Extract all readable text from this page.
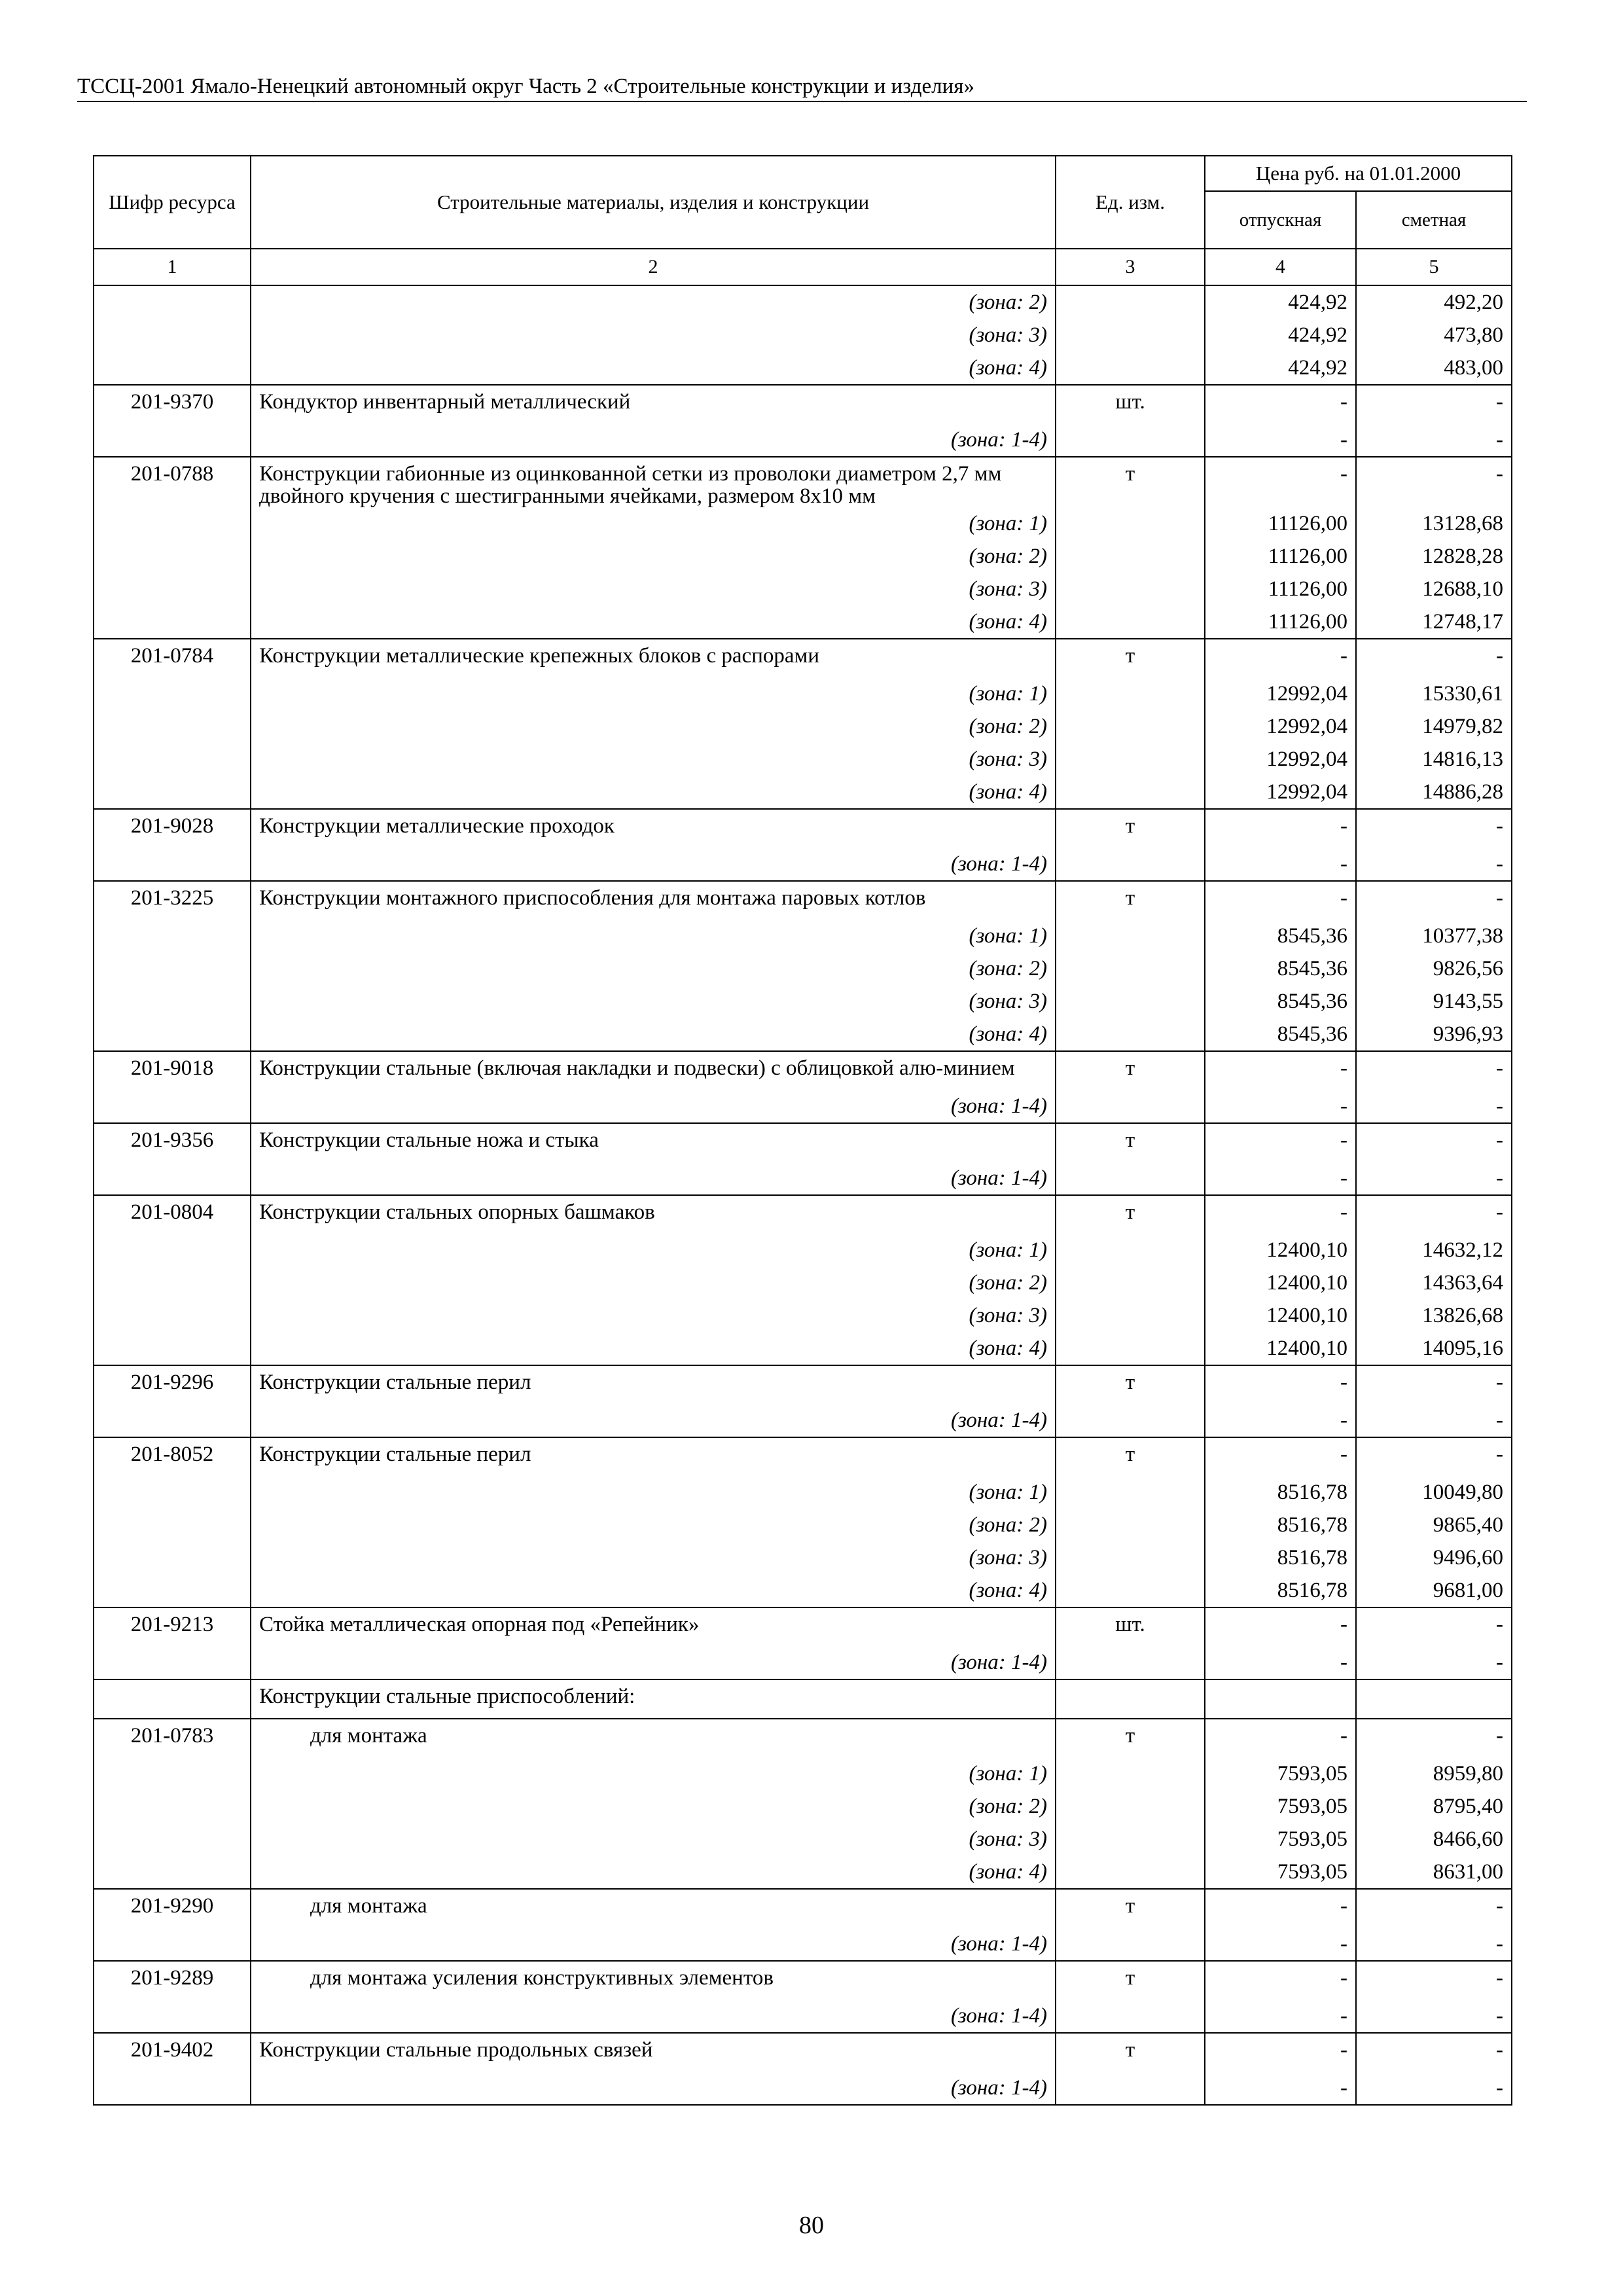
ТССЦ-2001 Ямало-Ненецкий автономный округ Часть 2 «Строительные конструкции и изделия»
Шифр ресурса	Строительные материалы, изделия и конструкции	Ед. изм.	Цена руб. на 01.01.2000	
			отпускная	сметная
1	2	3	4	5
	(зона: 2)		424,92	492,20
	(зона: 3)		424,92	473,80
	(зона: 4)		424,92	483,00
201-9370	Кондуктор инвентарный металлический	шт.	-	-
	(зона: 1-4)		-	-
201-0788	Конструкции габионные из оцинкованной сетки из проволоки диаметром 2,7 мм двойного кручения с шестигранными ячейками, размером 8х10 мм	т	-	-
	(зона: 1)		11126,00	13128,68
	(зона: 2)		11126,00	12828,28
	(зона: 3)		11126,00	12688,10
	(зона: 4)		11126,00	12748,17
201-0784	Конструкции металлические крепежных блоков с распорами	т	-	-
	(зона: 1)		12992,04	15330,61
	(зона: 2)		12992,04	14979,82
	(зона: 3)		12992,04	14816,13
	(зона: 4)		12992,04	14886,28
201-9028	Конструкции металлические проходок	т	-	-
	(зона: 1-4)		-	-
201-3225	Конструкции монтажного приспособления для монтажа паровых котлов	т	-	-
	(зона: 1)		8545,36	10377,38
	(зона: 2)		8545,36	9826,56
	(зона: 3)		8545,36	9143,55
	(зона: 4)		8545,36	9396,93
201-9018	Конструкции стальные (включая накладки и подвески) с облицовкой алю-минием	т	-	-
	(зона: 1-4)		-	-
201-9356	Конструкции стальные ножа и стыка	т	-	-
	(зона: 1-4)		-	-
201-0804	Конструкции стальных опорных башмаков	т	-	-
	(зона: 1)		12400,10	14632,12
	(зона: 2)		12400,10	14363,64
	(зона: 3)		12400,10	13826,68
	(зона: 4)		12400,10	14095,16
201-9296	Конструкции стальные перил	т	-	-
	(зона: 1-4)		-	-
201-8052	Конструкции стальные перил	т	-	-
	(зона: 1)		8516,78	10049,80
	(зона: 2)		8516,78	9865,40
	(зона: 3)		8516,78	9496,60
	(зона: 4)		8516,78	9681,00
201-9213	Стойка металлическая опорная под «Репейник»	шт.	-	-
	(зона: 1-4)		-	-
	Конструкции стальные приспособлений:			
201-0783	для монтажа	т	-	-
	(зона: 1)		7593,05	8959,80
	(зона: 2)		7593,05	8795,40
	(зона: 3)		7593,05	8466,60
	(зона: 4)		7593,05	8631,00
201-9290	для монтажа	т	-	-
	(зона: 1-4)		-	-
201-9289	для монтажа усиления конструктивных элементов	т	-	-
	(зона: 1-4)		-	-
201-9402	Конструкции стальные продольных связей	т	-	-
	(зона: 1-4)		-	-
80
